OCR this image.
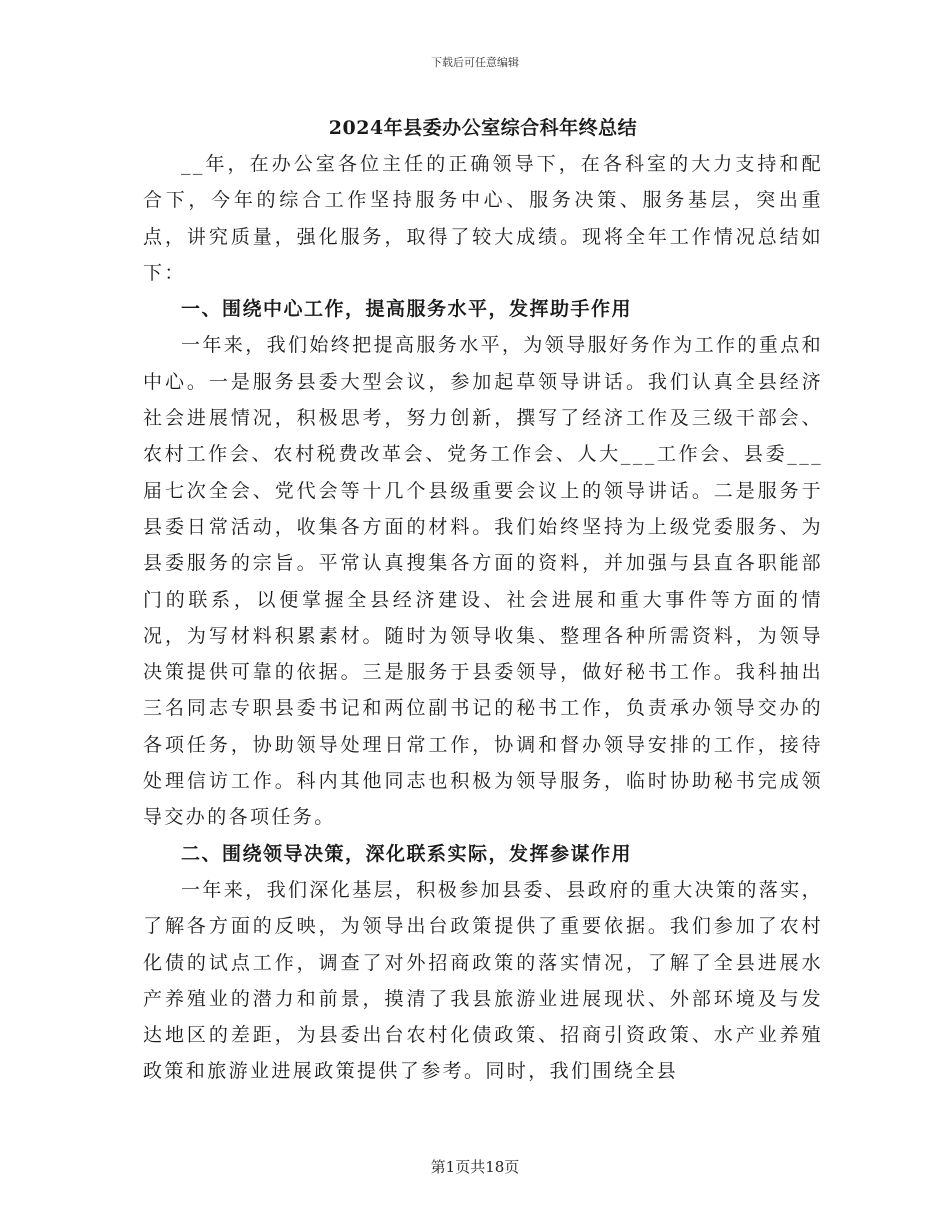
下载后可任意编辑
2024年县委办公室综合科年终总结

__年，在办公室各位主任的正确领导下，在各科室的大力支持和配合下，今年的综合工作坚持服务中心、服务决策、服务基层，突出重点，讲究质量，强化服务，取得了较大成绩。现将全年工作情况总结如下：

一、围绕中心工作，提高服务水平，发挥助手作用

一年来，我们始终把提高服务水平，为领导服好务作为工作的重点和中心。一是服务县委大型会议，参加起草领导讲话。我们认真全县经济社会进展情况，积极思考，努力创新，撰写了经济工作及三级干部会、农村工作会、农村税费改革会、党务工作会、人大___工作会、县委___届七次全会、党代会等十几个县级重要会议上的领导讲话。二是服务于县委日常活动，收集各方面的材料。我们始终坚持为上级党委服务、为县委服务的宗旨。平常认真搜集各方面的资料，并加强与县直各职能部门的联系，以便掌握全县经济建设、社会进展和重大事件等方面的情况，为写材料积累素材。随时为领导收集、整理各种所需资料，为领导决策提供可靠的依据。三是服务于县委领导，做好秘书工作。我科抽出三名同志专职县委书记和两位副书记的秘书工作，负责承办领导交办的各项任务，协助领导处理日常工作，协调和督办领导安排的工作，接待处理信访工作。科内其他同志也积极为领导服务，临时协助秘书完成领导交办的各项任务。

二、围绕领导决策，深化联系实际，发挥参谋作用

一年来，我们深化基层，积极参加县委、县政府的重大决策的落实，了解各方面的反映，为领导出台政策提供了重要依据。我们参加了农村化债的试点工作，调查了对外招商政策的落实情况，了解了全县进展水产养殖业的潜力和前景，摸清了我县旅游业进展现状、外部环境及与发达地区的差距，为县委出台农村化债政策、招商引资政策、水产业养殖政策和旅游业进展政策提供了参考。同时，我们围绕全县

第1页共18页
